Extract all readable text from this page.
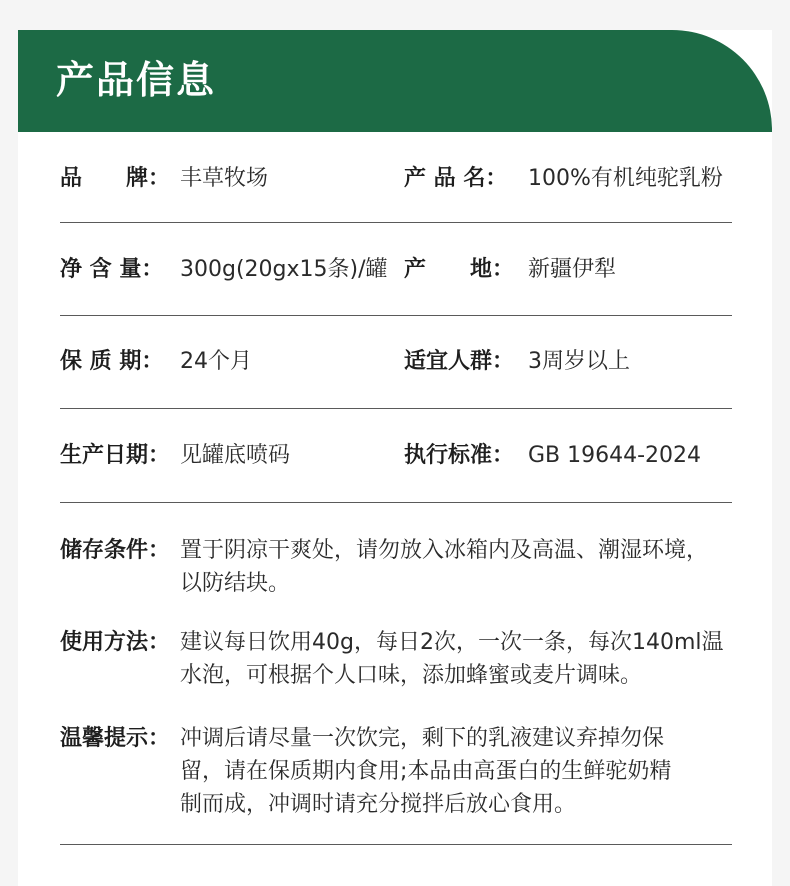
产品信息
品　　牌： 丰草牧场	产 品 名： 100%有机纯驼乳粉
净 含 量： 300g(20gx15条)/罐 产　　地： 新疆伊犁
保 质 期： 24个月	适宜人群： 3周岁以上
生产日期： 见罐底喷码	执行标准： GB 19644-2024
储存条件： 置于阴凉干爽处，请勿放入冰箱内及高温、潮湿环境，
以防结块。
使用方法： 建议每日饮用40g，每日2次，一次一条，每次140ml温
水泡，可根据个人口味，添加蜂蜜或麦片调味。
温馨提示： 冲调后请尽量一次饮完，剩下的乳液建议弃掉勿保
留，请在保质期内食用;本品由高蛋白的生鲜驼奶精
制而成，冲调时请充分搅拌后放心食用。
